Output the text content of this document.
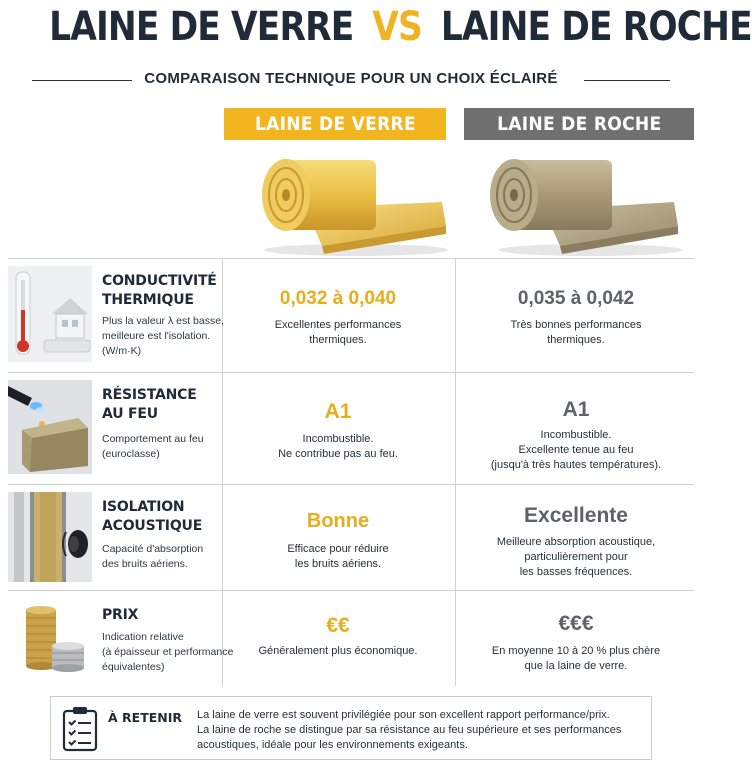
LAINE DE VERRE VS LAINE DE ROCHE
COMPARAISON TECHNIQUE POUR UN CHOIX ÉCLAIRÉ
LAINE DE VERRE	LAINE DE ROCHE
CONDUCTIVITÉ
THERMIQUE
Plus la valeur λ est basse,
meilleure est l'isolation.
(W/m·K)
0,032 à 0,040
Excellentes performances
thermiques.
0,035 à 0,042
Très bonnes performances
thermiques.
RÉSISTANCE
AU FEU
Comportement au feu
(euroclasse)
A1
Incombustible.
Ne contribue pas au feu.
A1
Incombustible.
Excellente tenue au feu
(jusqu'à très hautes températures).
ISOLATION
ACOUSTIQUE
Capacité d'absorption
des bruits aériens.
Bonne
Efficace pour réduire
les bruits aériens.
Excellente
Meilleure absorption acoustique,
particulièrement pour
les basses fréquences.
PRIX
Indication relative
(à épaisseur et performance
équivalentes)
€€
Généralement plus économique.
€€€
En moyenne 10 à 20 % plus chère
que la laine de verre.
À RETENIR La laine de verre est souvent privilégiée pour son excellent rapport performance/prix.
La laine de roche se distingue par sa résistance au feu supérieure et ses performances
acoustiques, idéale pour les environnements exigeants.
